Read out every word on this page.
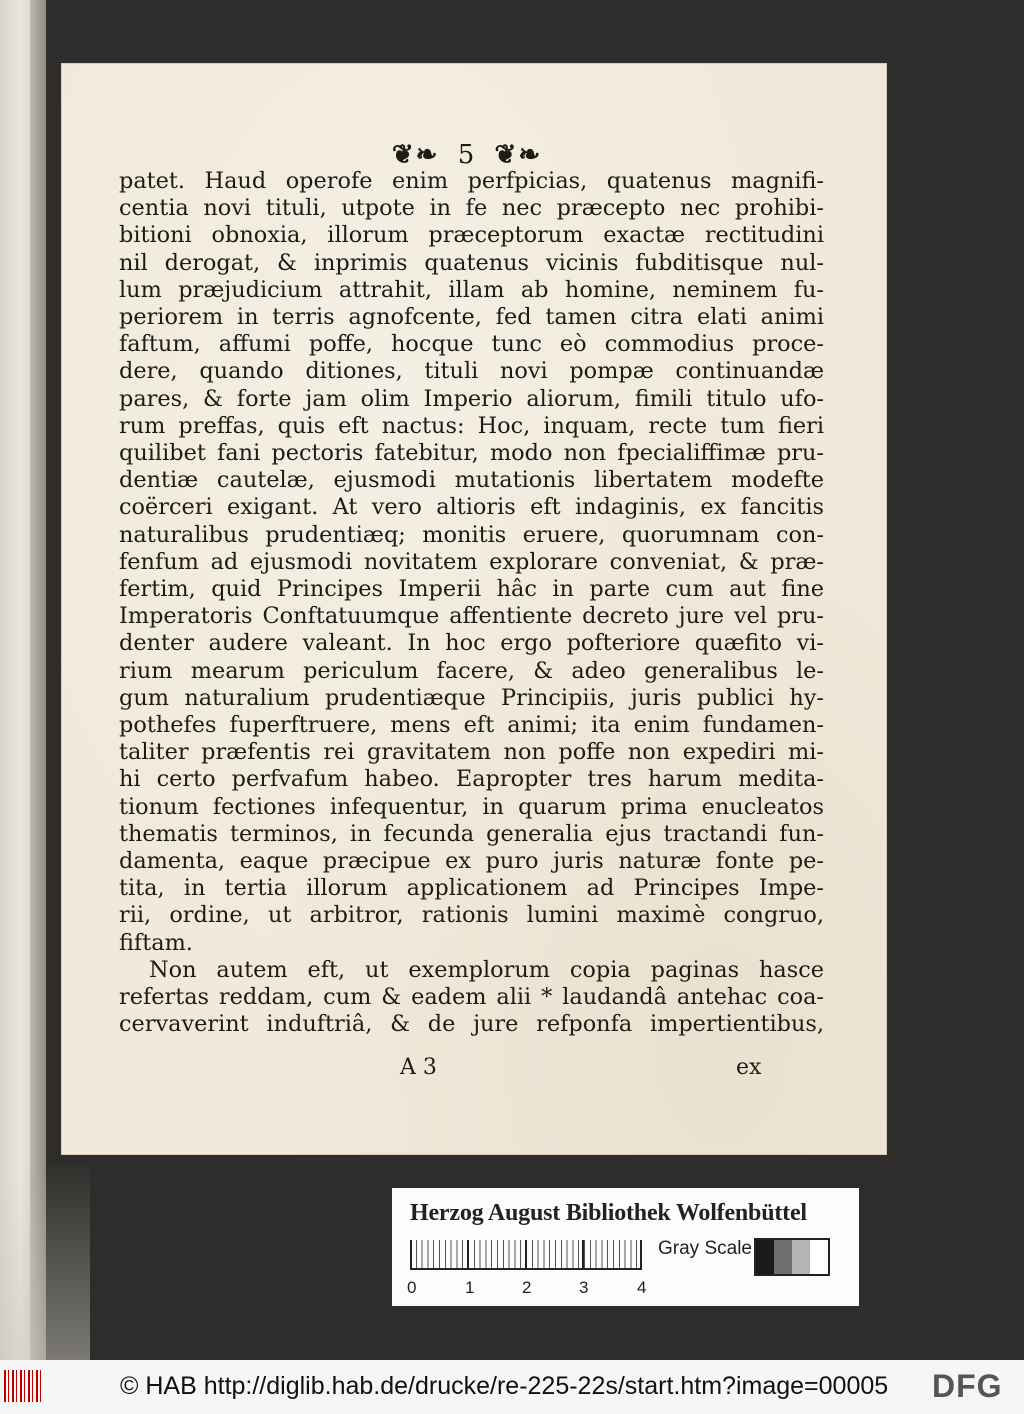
❦❧ 5 ❦❧
patet. Haud operofe enim perfpicias, quatenus magnifi-
centia novi tituli, utpote in fe nec præcepto nec prohibi-
bitioni obnoxia, illorum præceptorum exactæ rectitudini
nil derogat, & inprimis quatenus vicinis fubditisque nul-
lum præjudicium attrahit, illam ab homine, neminem fu-
periorem in terris agnofcente, fed tamen citra elati animi
faftum, affumi poffe, hocque tunc eò commodius proce-
dere, quando ditiones, tituli novi pompæ continuandæ
pares, & forte jam olim Imperio aliorum, fimili titulo ufo-
rum preffas, quis eft nactus: Hoc, inquam, recte tum fieri
quilibet fani pectoris fatebitur, modo non fpecialiffimæ pru-
dentiæ cautelæ, ejusmodi mutationis libertatem modefte
coërceri exigant. At vero altioris eft indaginis, ex fancitis
naturalibus prudentiæq; monitis eruere, quorumnam con-
fenfum ad ejusmodi novitatem explorare conveniat, & præ-
fertim, quid Principes Imperii hâc in parte cum aut fine
Imperatoris Conftatuumque affentiente decreto jure vel pru-
denter audere valeant. In hoc ergo pofteriore quæfito vi-
rium mearum periculum facere, & adeo generalibus le-
gum naturalium prudentiæque Principiis, juris publici hy-
pothefes fuperftruere, mens eft animi; ita enim fundamen-
taliter præfentis rei gravitatem non poffe non expediri mi-
hi certo perfvafum habeo. Eapropter tres harum medita-
tionum fectiones infequentur, in quarum prima enucleatos
thematis terminos, in fecunda generalia ejus tractandi fun-
damenta, eaque præcipue ex puro juris naturæ fonte pe-
tita, in tertia illorum applicationem ad Principes Impe-
rii, ordine, ut arbitror, rationis lumini maximè congruo,
fiftam.
Non autem eft, ut exemplorum copia paginas hasce
refertas reddam, cum & eadem alii * laudandâ antehac coa-
cervaverint induftriâ, & de jure refponfa impertientibus,
A 3	ex
Herzog August Bibliothek Wolfenbüttel
0	1	2	3	4
Gray Scale
© HAB http://diglib.hab.de/drucke/re-225-22s/start.htm?image=00005 DFG
